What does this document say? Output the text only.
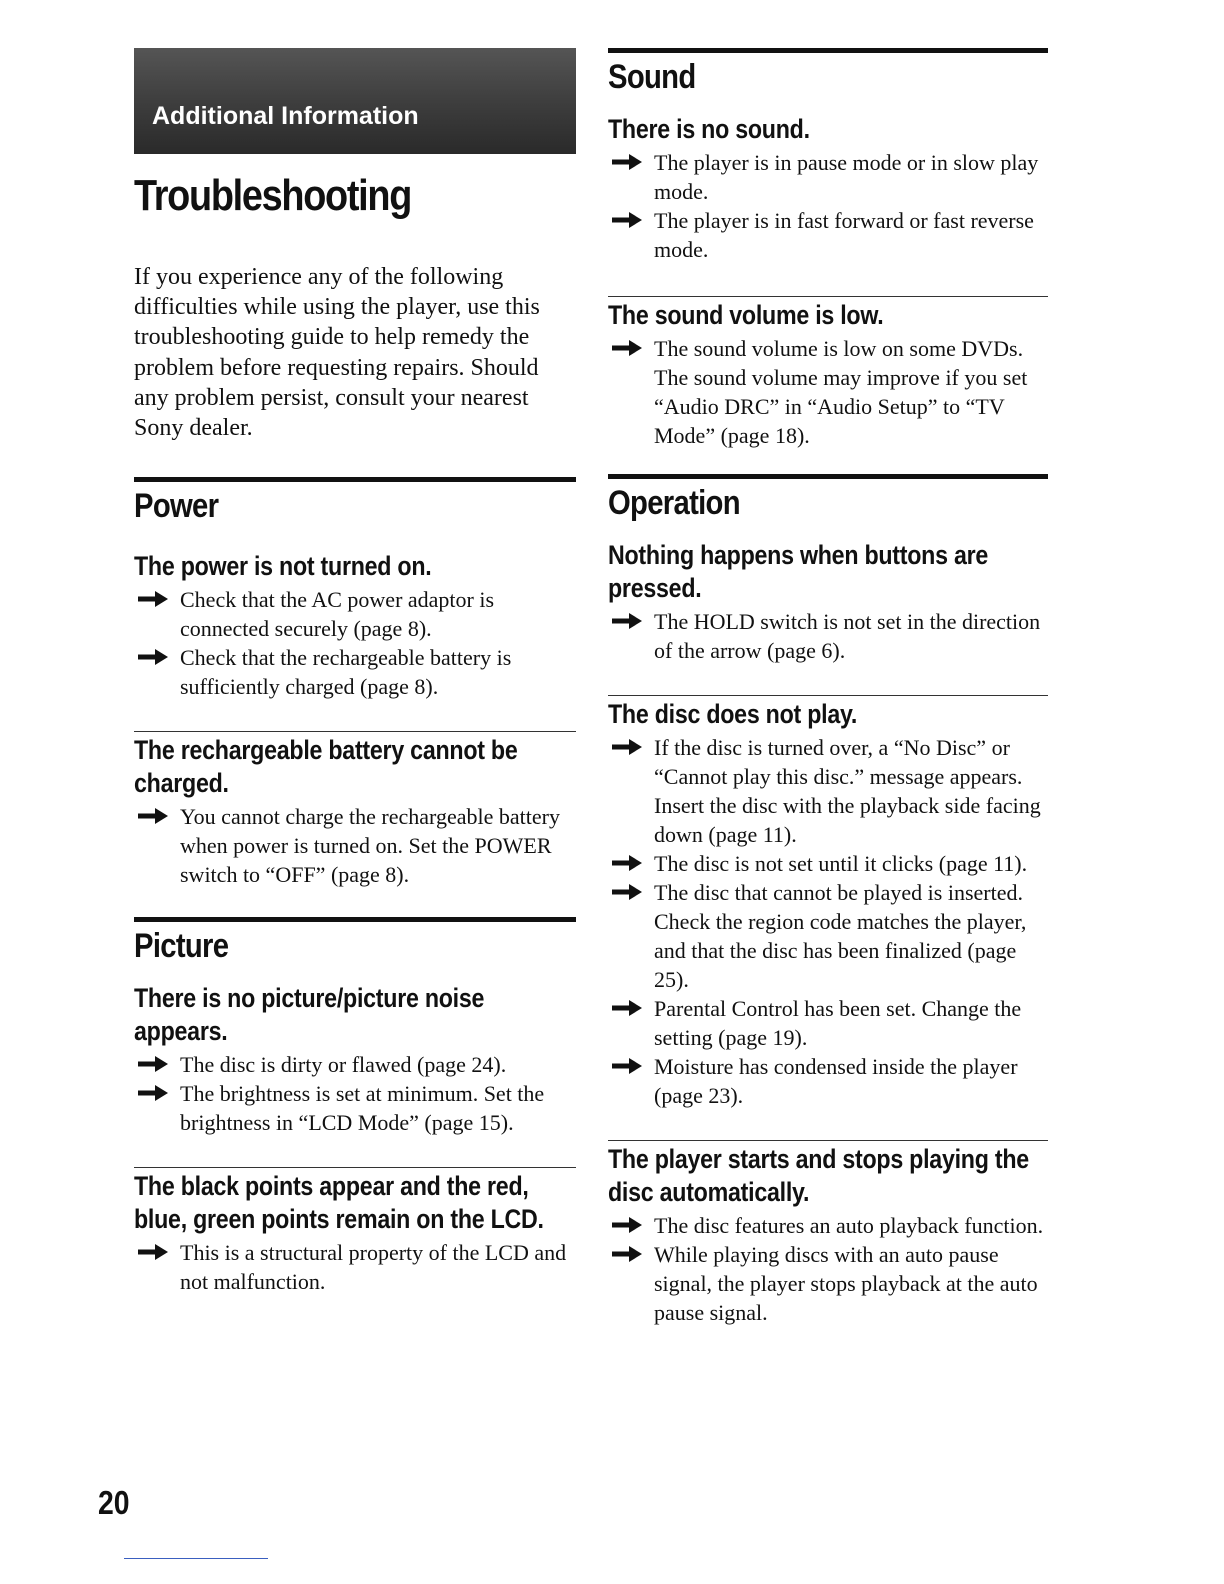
Additional Information
Troubleshooting

If you experience any of the following difficulties while using the player, use this troubleshooting guide to help remedy the problem before requesting repairs. Should any problem persist, consult your nearest Sony dealer.

Power
The power is not turned on.
Check that the AC power adaptor is connected securely (page 8).
Check that the rechargeable battery is sufficiently charged (page 8).
The rechargeable battery cannot be charged.
You cannot charge the rechargeable battery when power is turned on. Set the POWER switch to “OFF” (page 8).
Picture
There is no picture/picture noise appears.
The disc is dirty or flawed (page 24).
The brightness is set at minimum. Set the brightness in “LCD Mode” (page 15).
The black points appear and the red, blue, green points remain on the LCD.
This is a structural property of the LCD and not malfunction.
Sound
There is no sound.
The player is in pause mode or in slow play mode.
The player is in fast forward or fast reverse mode.
The sound volume is low.
The sound volume is low on some DVDs. The sound volume may improve if you set “Audio DRC” in “Audio Setup” to “TV Mode” (page 18).
Operation
Nothing happens when buttons are pressed.
The HOLD switch is not set in the direction of the arrow (page 6).
The disc does not play.
If the disc is turned over, a “No Disc” or “Cannot play this disc.” message appears. Insert the disc with the playback side facing down (page 11).
The disc is not set until it clicks (page 11).
The disc that cannot be played is inserted. Check the region code matches the player, and that the disc has been finalized (page 25).
Parental Control has been set. Change the setting (page 19).
Moisture has condensed inside the player (page 23).
The player starts and stops playing the disc automatically.
The disc features an auto playback function.
While playing discs with an auto pause signal, the player stops playback at the auto pause signal.
20
